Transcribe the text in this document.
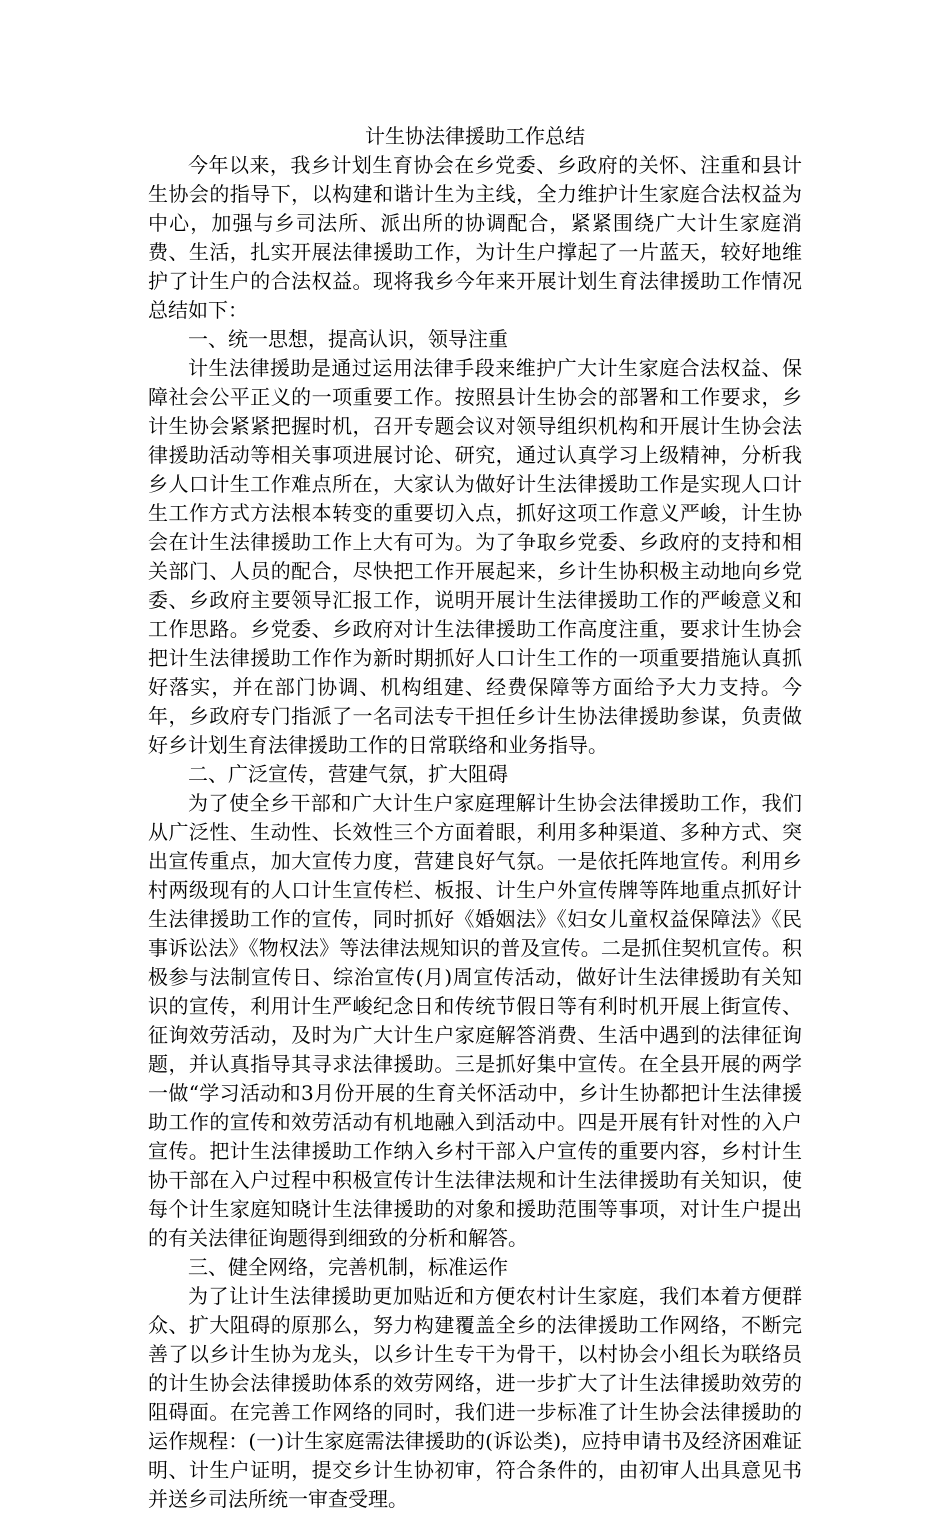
计生协法律援助工作总结

今年以来，我乡计划生育协会在乡党委、乡政府的关怀、注重和县计生协会的指导下，以构建和谐计生为主线，全力维护计生家庭合法权益为中心，加强与乡司法所、派出所的协调配合，紧紧围绕广大计生家庭消费、生活，扎实开展法律援助工作，为计生户撑起了一片蓝天，较好地维护了计生户的合法权益。现将我乡今年来开展计划生育法律援助工作情况总结如下：

一、统一思想，提高认识，领导注重

计生法律援助是通过运用法律手段来维护广大计生家庭合法权益、保障社会公平正义的一项重要工作。按照县计生协会的部署和工作要求，乡计生协会紧紧把握时机，召开专题会议对领导组织机构和开展计生协会法律援助活动等相关事项进展讨论、研究，通过认真学习上级精神，分析我乡人口计生工作难点所在，大家认为做好计生法律援助工作是实现人口计生工作方式方法根本转变的重要切入点，抓好这项工作意义严峻，计生协会在计生法律援助工作上大有可为。为了争取乡党委、乡政府的支持和相关部门、人员的配合，尽快把工作开展起来，乡计生协积极主动地向乡党委、乡政府主要领导汇报工作，说明开展计生法律援助工作的严峻意义和工作思路。乡党委、乡政府对计生法律援助工作高度注重，要求计生协会把计生法律援助工作作为新时期抓好人口计生工作的一项重要措施认真抓好落实，并在部门协调、机构组建、经费保障等方面给予大力支持。今年，乡政府专门指派了一名司法专干担任乡计生协法律援助参谋，负责做好乡计划生育法律援助工作的日常联络和业务指导。

二、广泛宣传，营建气氛，扩大阻碍

为了使全乡干部和广大计生户家庭理解计生协会法律援助工作，我们从广泛性、生动性、长效性三个方面着眼，利用多种渠道、多种方式、突出宣传重点，加大宣传力度，营建良好气氛。一是依托阵地宣传。利用乡村两级现有的人口计生宣传栏、板报、计生户外宣传牌等阵地重点抓好计生法律援助工作的宣传，同时抓好《婚姻法》《妇女儿童权益保障法》《民事诉讼法》《物权法》等法律法规知识的普及宣传。二是抓住契机宣传。积极参与法制宣传日、综治宣传(月)周宣传活动，做好计生法律援助有关知识的宣传，利用计生严峻纪念日和传统节假日等有利时机开展上街宣传、征询效劳活动，及时为广大计生户家庭解答消费、生活中遇到的法律征询题，并认真指导其寻求法律援助。三是抓好集中宣传。在全县开展的两学一做“学习活动和3月份开展的生育关怀活动中，乡计生协都把计生法律援助工作的宣传和效劳活动有机地融入到活动中。四是开展有针对性的入户宣传。把计生法律援助工作纳入乡村干部入户宣传的重要内容，乡村计生协干部在入户过程中积极宣传计生法律法规和计生法律援助有关知识，使每个计生家庭知晓计生法律援助的对象和援助范围等事项，对计生户提出的有关法律征询题得到细致的分析和解答。

三、健全网络，完善机制，标准运作

为了让计生法律援助更加贴近和方便农村计生家庭，我们本着方便群众、扩大阻碍的原那么，努力构建覆盖全乡的法律援助工作网络，不断完善了以乡计生协为龙头，以乡计生专干为骨干，以村协会小组长为联络员的计生协会法律援助体系的效劳网络，进一步扩大了计生法律援助效劳的阻碍面。在完善工作网络的同时，我们进一步标准了计生协会法律援助的运作规程：(一)计生家庭需法律援助的(诉讼类)，应持申请书及经济困难证明、计生户证明，提交乡计生协初审，符合条件的，由初审人出具意见书并送乡司法所统一审查受理。
